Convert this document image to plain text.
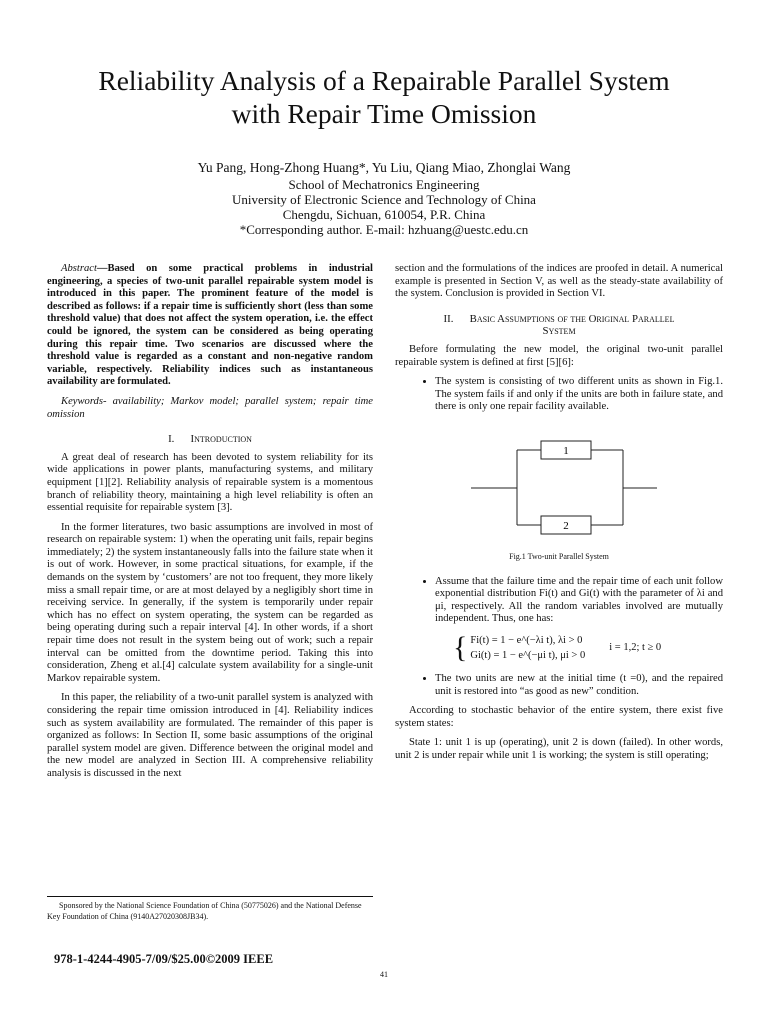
Reliability Analysis of a Repairable Parallel System
with Repair Time Omission
Yu Pang, Hong-Zhong Huang*, Yu Liu, Qiang Miao, Zhonglai Wang
School of Mechatronics Engineering
University of Electronic Science and Technology of China
Chengdu, Sichuan, 610054, P.R. China
*Corresponding author. E-mail: hzhuang@uestc.edu.cn

Abstract—Based on some practical problems in industrial engineering, a species of two-unit parallel repairable system model is introduced in this paper. The prominent feature of the model is described as follows: if a repair time is sufficiently short (less than some threshold value) that does not affect the system operation, i.e. the effect could be ignored, the system can be considered as being operating during this repair time. Two scenarios are discussed where the threshold value is regarded as a constant and non-negative random variable, respectively. Reliability indices such as instantaneous availability are formulated.

Keywords- availability; Markov model; parallel system; repair time omission

I.      Introduction

A great deal of research has been devoted to system reliability for its wide applications in power plants, manufacturing systems, and military equipment [1][2]. Reliability analysis of repairable system is a momentous branch of reliability theory, maintaining a high level reliability is often an essential requisite for repairable system [3].

In the former literatures, two basic assumptions are involved in most of research on repairable system: 1) when the operating unit fails, repair begins immediately; 2) the system instantaneously falls into the failure state when it is out of work. However, in some practical situations, for example, if the demands on the system by ‘customers’ are not too frequent, they more likely miss a small repair time, or are at most delayed by a negligibly short time in receiving service. In generally, if the system is temporarily under repair which has no effect on system operating, the system can be regarded as being operating during such a repair interval [4]. In other words, if a short repair time does not result in the system being out of work; such a repair interval can be omitted from the downtime period. Taking this into consideration, Zheng et al.[4] calculate system availability for a single-unit Markov repairable system.

In this paper, the reliability of a two-unit parallel system is analyzed with considering the repair time omission introduced in [4]. Reliability indices such as system availability are formulated. The remainder of this paper is organized as follows: In Section II, some basic assumptions of the original parallel system model are given. Difference between the original model and the new model are analyzed in Section III. A comprehensive reliability analysis is discussed in the next

section and the formulations of the indices are proofed in detail. A numerical example is presented in Section V, as well as the steady-state availability of the system. Conclusion is provided in Section VI.

II.      Basic Assumptions of the Original Parallel
System

Before formulating the new model, the original two-unit parallel repairable system is defined at first [5][6]:

• The system is consisting of two different units as shown in Fig.1. The system fails if and only if the units are both in failure state, and there is only one repair facility available.
1
2
Fig.1 Two-unit Parallel System
• Assume that the failure time and the repair time of each unit follow exponential distribution Fi(t) and Gi(t) with the parameter of λi and μi, respectively. All the random variables involved are mutually independent. Thus, one has:
{ Fi(t) = 1 − e^(−λi t), λi > 0
Gi(t) = 1 − e^(−μi t), μi > 0
i = 1,2; t ≥ 0
• The two units are new at the initial time (t =0), and the repaired unit is restored into “as good as new” condition.

According to stochastic behavior of the entire system, there exist five system states:

State 1: unit 1 is up (operating), unit 2 is down (failed). In other words, unit 2 is under repair while unit 1 is working; the system is still operating;

Sponsored by the National Science Foundation of China (50775026) and the National Defense Key Foundation of China (9140A27020308JB34).
978-1-4244-4905-7/09/$25.00©2009 IEEE
41
